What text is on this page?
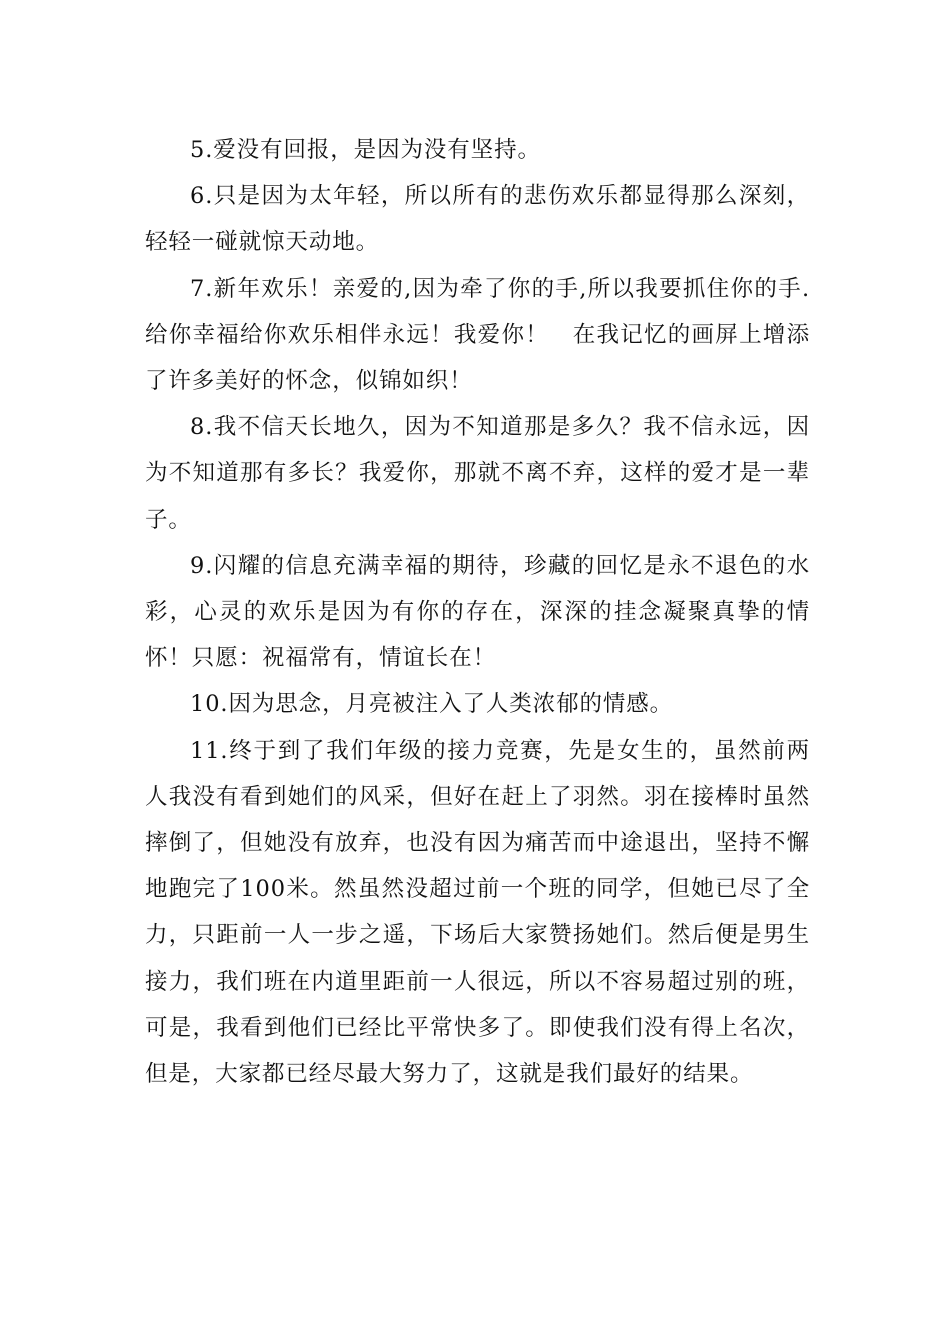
5.爱没有回报，是因为没有坚持。

6.只是因为太年轻，所以所有的悲伤欢乐都显得那么深刻，轻轻一碰就惊天动地。

7.新年欢乐！亲爱的,因为牵了你的手,所以我要抓住你的手.给你幸福给你欢乐相伴永远！我爱你！　在我记忆的画屏上增添了许多美好的怀念，似锦如织！

8.我不信天长地久，因为不知道那是多久？我不信永远，因为不知道那有多长？我爱你，那就不离不弃，这样的爱才是一辈子。

9.闪耀的信息充满幸福的期待，珍藏的回忆是永不退色的水彩，心灵的欢乐是因为有你的存在，深深的挂念凝聚真挚的情怀！只愿：祝福常有，情谊长在！

10.因为思念，月亮被注入了人类浓郁的情感。

11.终于到了我们年级的接力竞赛，先是女生的，虽然前两人我没有看到她们的风采，但好在赶上了羽然。羽在接棒时虽然摔倒了，但她没有放弃，也没有因为痛苦而中途退出，坚持不懈地跑完了100米。然虽然没超过前一个班的同学，但她已尽了全力，只距前一人一步之遥，下场后大家赞扬她们。然后便是男生接力，我们班在内道里距前一人很远，所以不容易超过别的班，可是，我看到他们已经比平常快多了。即使我们没有得上名次，但是，大家都已经尽最大努力了，这就是我们最好的结果。
